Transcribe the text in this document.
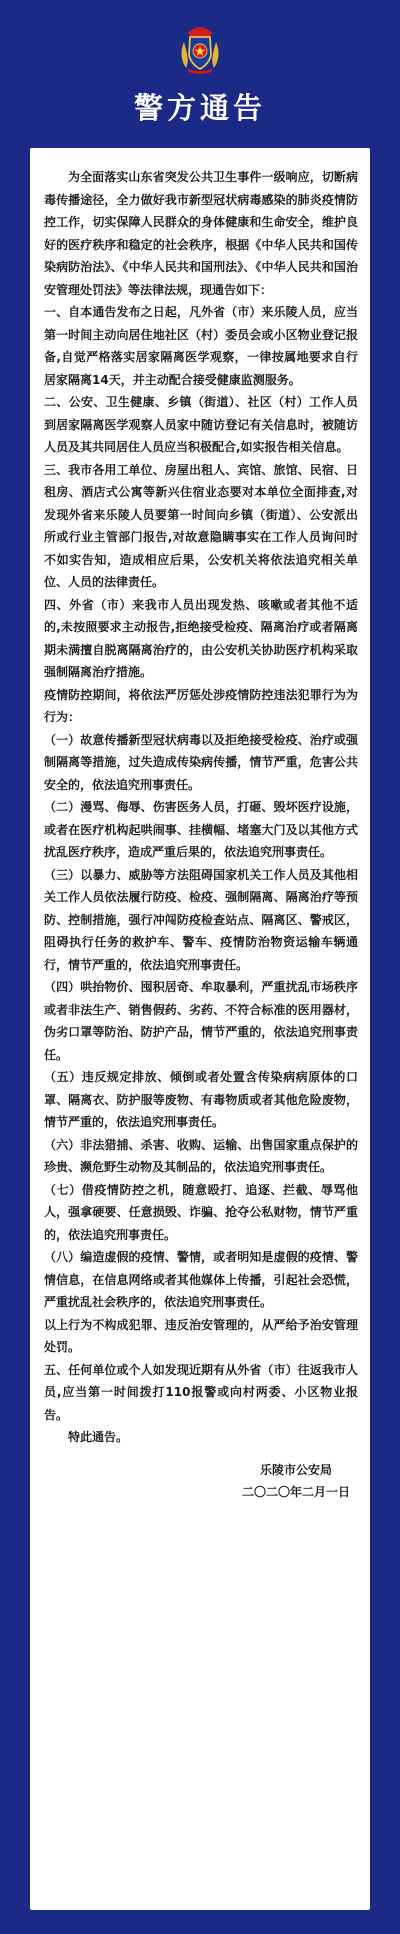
警方通告

为全面落实山东省突发公共卫生事件一级响应，切断病毒传播途径，全力做好我市新型冠状病毒感染的肺炎疫情防控工作，切实保障人民群众的身体健康和生命安全，维护良好的医疗秩序和稳定的社会秩序，根据《中华人民共和国传染病防治法》、《中华人民共和国刑法》、《中华人民共和国治安管理处罚法》等法律法规，现通告如下：

一、自本通告发布之日起，凡外省（市）来乐陵人员，应当第一时间主动向居住地社区（村）委员会或小区物业登记报备,自觉严格落实居家隔离医学观察，一律按属地要求自行居家隔离14天，并主动配合接受健康监测服务。

二、公安、卫生健康、乡镇（街道）、社区（村）工作人员到居家隔离医学观察人员家中随访登记有关信息时，被随访人员及其共同居住人员应当积极配合,如实报告相关信息。

三、我市各用工单位、房屋出租人、宾馆、旅馆、民宿、日租房、酒店式公寓等新兴住宿业态要对本单位全面排查,对发现外省来乐陵人员要第一时间向乡镇（街道）、公安派出所或行业主管部门报告,对故意隐瞒事实在工作人员询问时不如实告知，造成相应后果，公安机关将依法追究相关单位、人员的法律责任。

四、外省（市）来我市人员出现发热、咳嗽或者其他不适的,未按照要求主动报告,拒绝接受检疫、隔离治疗或者隔离期未满擅自脱离隔离治疗的，由公安机关协助医疗机构采取强制隔离治疗措施。

疫情防控期间，将依法严厉惩处涉疫情防控违法犯罪行为为行为：

（一）故意传播新型冠状病毒以及拒绝接受检疫、治疗或强制隔离等措施，过失造成传染病传播，情节严重，危害公共安全的，依法追究刑事责任。

（二）漫骂、侮辱、伤害医务人员，打砸、毁坏医疗设施，或者在医疗机构起哄闹事、挂横幅、堵塞大门及以其他方式扰乱医疗秩序，造成严重后果的，依法追究刑事责任。

（三）以暴力、威胁等方法阻碍国家机关工作人员及其他相关工作人员依法履行防疫、检疫、强制隔离、隔离治疗等预防、控制措施，强行冲闯防疫检查站点、隔离区、警戒区，阻碍执行任务的救护车、警车、疫情防治物资运输车辆通行，情节严重的，依法追究刑事责任。

（四）哄抬物价、囤积居奇、牟取暴利，严重扰乱市场秩序或者非法生产、销售假药、劣药、不符合标准的医用器材，伪劣口罩等防治、防护产品，情节严重的，依法追究刑事责任。

（五）违反规定排放、倾倒或者处置含传染病病原体的口罩、隔离衣、防护服等废物、有毒物质或者其他危险废物，情节严重的，依法追究刑事责任。

（六）非法猎捕、杀害、收购、运输、出售国家重点保护的珍贵、濒危野生动物及其制品的，依法追究刑事责任。

（七）借疫情防控之机，随意殴打、追逐、拦截、辱骂他人，强拿硬要、任意损毁、诈骗、抢夺公私财物，情节严重的，依法追究刑事责任。

（八）编造虚假的疫情、警情，或者明知是虚假的疫情、警情信息，在信息网络或者其他媒体上传播，引起社会恐慌，严重扰乱社会秩序的，依法追究刑事责任。

以上行为不构成犯罪、违反治安管理的，从严给予治安管理处罚。

五、任何单位或个人如发现近期有从外省（市）往返我市人员,应当第一时间拨打110报警或向村两委、小区物业报告。

特此通告。

乐陵市公安局

二〇二〇年二月一日
